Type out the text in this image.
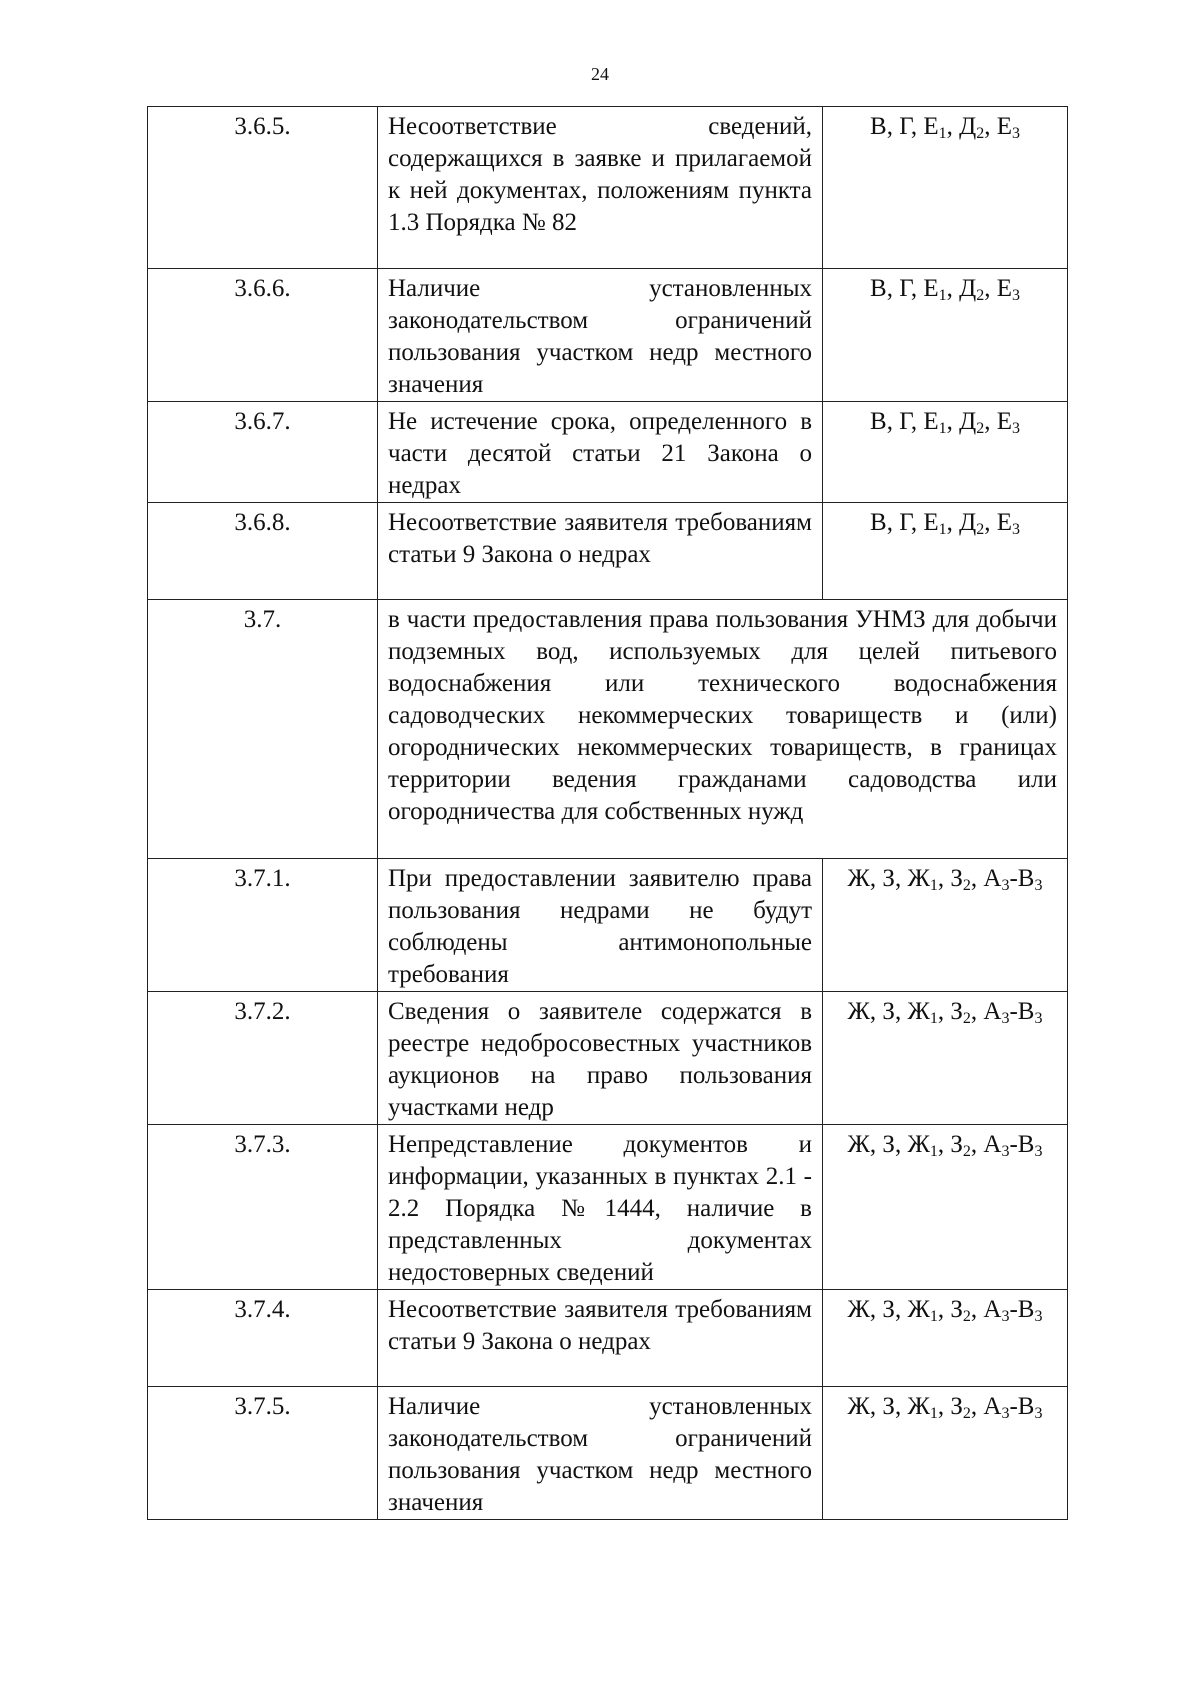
24
3.6.5.	Несоответствие сведений, содержащихся в заявке и прилагаемой к ней документах, положениям пункта 1.3 Порядка № 82	В, Г, $Е_1$, $Д_2$, $Е_3$
3.6.6.	Наличие установленных законодательством ограничений пользования участком недр местного значения	В, Г, $Е_1$, $Д_2$, $Е_3$
3.6.7.	Не истечение срока, определенного в части десятой статьи 21 Закона о недрах	В, Г, $Е_1$, $Д_2$, $Е_3$
3.6.8.	Несоответствие заявителя требованиям статьи 9 Закона о недрах	В, Г, $Е_1$, $Д_2$, $Е_3$
3.7.	в части предоставления права пользования УНМЗ для добычи подземных вод, используемых для целей питьевого водоснабжения или технического водоснабжения садоводческих некоммерческих товариществ и (или) огороднических некоммерческих товариществ, в границах территории ведения гражданами садоводства или огородничества для собственных нужд	
3.7.1.	При предоставлении заявителю права пользования недрами не будут соблюдены антимонопольные требования	Ж, З, $Ж_1$, $З_2$, $А_3-В_3$
3.7.2.	Сведения о заявителе содержатся в реестре недобросовестных участников аукционов на право пользования участками недр	Ж, З, $Ж_1$, $З_2$, $А_3-В_3$
3.7.3.	Непредставление документов и информации, указанных в пунктах 2.1 - 2.2 Порядка №1444, наличие в представленных документах недостоверных сведений	Ж, З, $Ж_1$, $З_2$, $А_3-В_3$
3.7.4.	Несоответствие заявителя требованиям статьи 9 Закона о недрах	Ж, З, $Ж_1$, $З_2$, $А_3-В_3$
3.7.5.	Наличие установленных законодательством ограничений пользования участком недр местного значения	Ж, З, $Ж_1$, $З_2$, $А_3-В_3$
